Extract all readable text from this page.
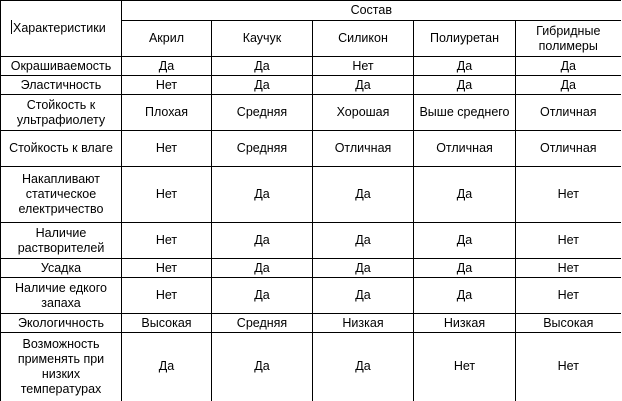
Характеристики	Состав				
	Акрил	Каучук	Силикон	Полиуретан	Гибридные полимеры
Окрашиваемость	Да	Да	Нет	Да	Да
Эластичность	Нет	Да	Да	Да	Да
Стойкость к ультрафиолету	Плохая	Средняя	Хорошая	Выше среднего	Отличная
Стойкость к влаге	Нет	Средняя	Отличная	Отличная	Отличная
Накапливают статическое електричество	Нет	Да	Да	Да	Нет
Наличие растворителей	Нет	Да	Да	Да	Нет
Усадка	Нет	Да	Да	Да	Нет
Наличие едкого запаха	Нет	Да	Да	Да	Нет
Экологичность	Высокая	Средняя	Низкая	Низкая	Высокая
Возможность применять при низких температурах	Да	Да	Да	Нет	Нет
